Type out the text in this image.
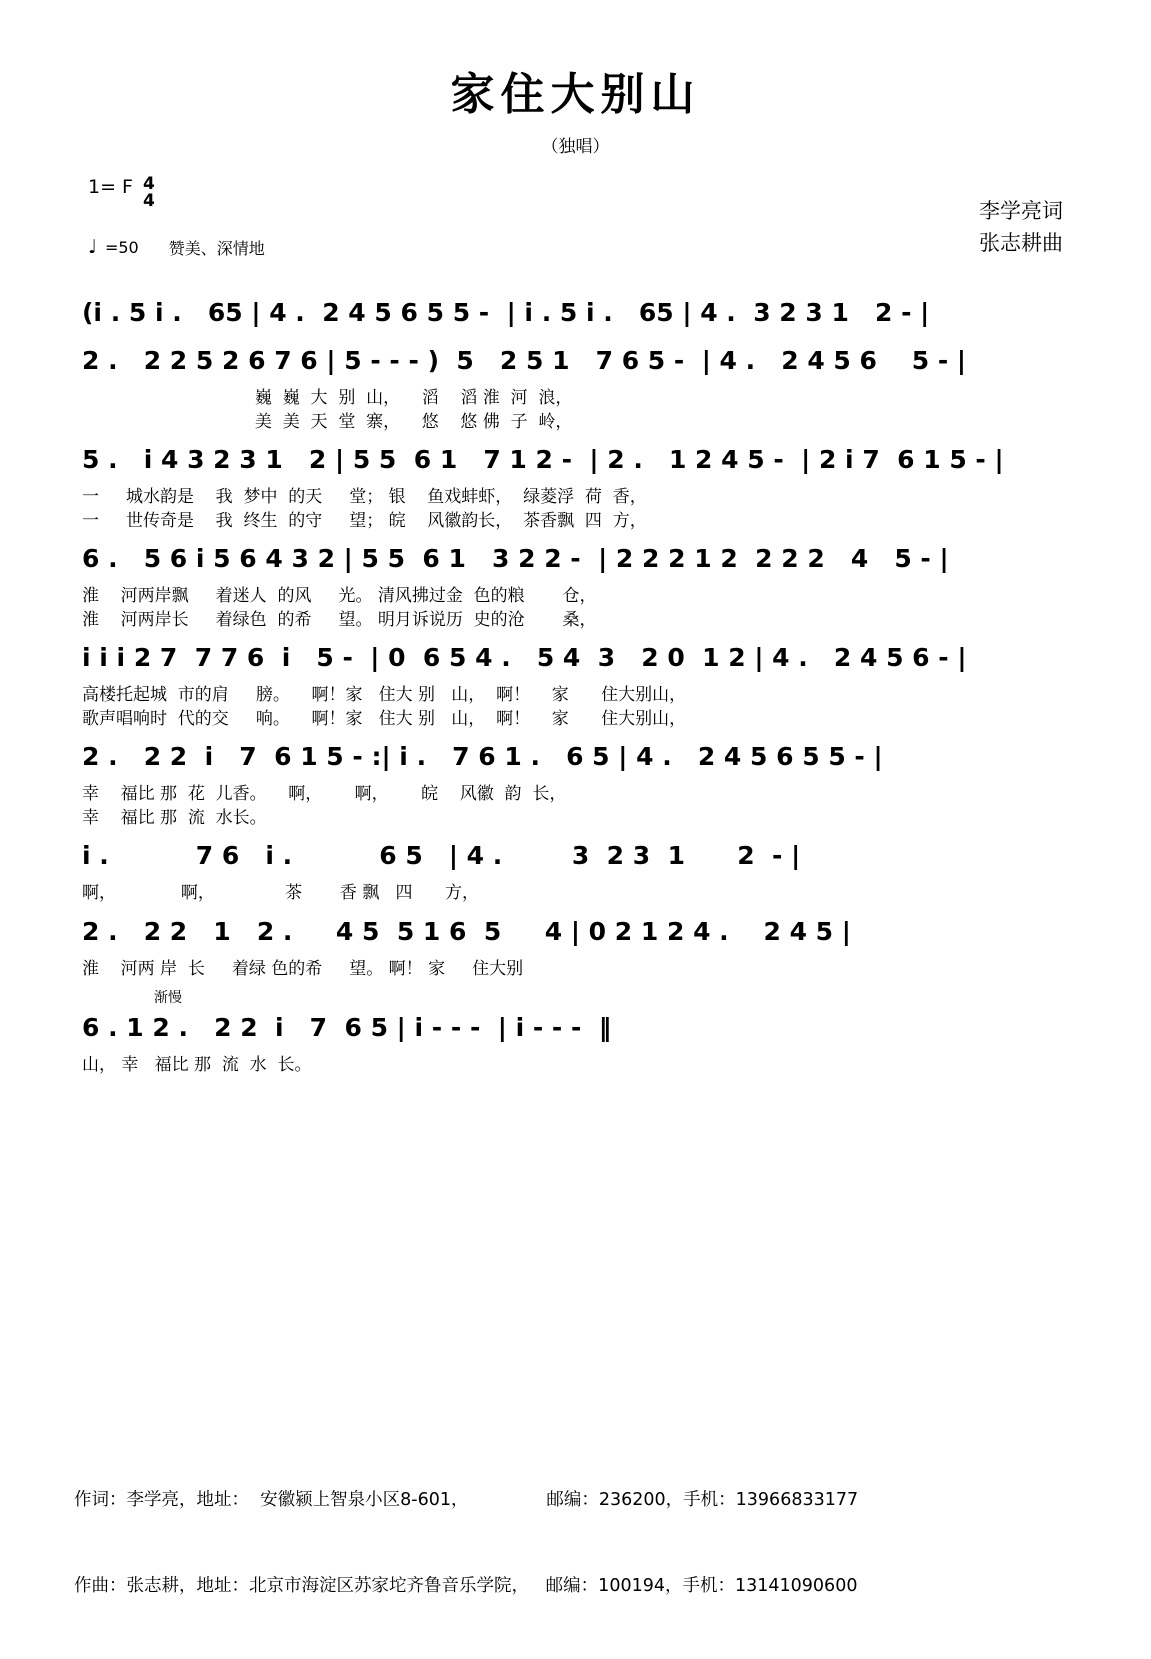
家住大别山
（独唱）
1= F 4
4
♩ =50 赞美、深情地
李学亮词
张志耕曲
(i . 5 i .   65 | 4 .  2 4 5 6 5 5 -  | i . 5 i .   65 | 4 .  3 2 3 1   2 - |
2 .   2 2 5 2 6 7 6 | 5 - - - )  5   2 5 1   7 6 5 -  | 4 .   2 4 5 6    5 - |
巍  巍  大  别  山，    滔    滔 淮  河  浪，
美  美  天  堂  寨，    悠    悠 佛  子  岭，
5 .   i 4 3 2 3 1   2 | 5 5  6 1   7 1 2 -  | 2 .   1 2 4 5 -  | 2 i 7  6 1 5 - |
一     城水韵是    我  梦中  的天     堂； 银    鱼戏蚌虾，  绿菱浮  荷  香，
一     世传奇是    我  终生  的守     望； 皖    风徽韵长，  茶香飘  四  方，
6 .   5 6 i 5 6 4 3 2 | 5 5  6 1   3 2 2 -  | 2 2 2 1 2  2 2 2   4   5 - |
淮    河两岸飘     着迷人  的风     光。 清风拂过金  色的粮       仓，
淮    河两岸长     着绿色  的希     望。 明月诉说历  史的沧       桑，
i i i 2 7  7 7 6  i   5 -  | 0  6 5 4 .   5 4  3   2 0  1 2 | 4 .   2 4 5 6 - |
高楼托起城  市的肩     膀。    啊！家   住大 别   山，  啊！    家      住大别山，
歌声唱响时  代的交     响。    啊！家   住大 别   山，  啊！    家      住大别山，
2 .   2 2  i   7  6 1 5 - :| i .   7 6 1 .   6 5 | 4 .   2 4 5 6 5 5 - |
幸    福比 那  花  儿香。    啊，      啊，      皖    风徽  韵  长，
幸    福比 那  流  水长。
i .          7 6   i .          6 5   | 4 .        3  2 3  1      2  - |
啊，            啊，             茶       香 飘   四      方，
2 .   2 2   1   2 .     4 5  5 1 6  5     4 | 0 2 1 2 4 .    2 4 5 |
淮    河两 岸  长     着绿 色的希     望。 啊！ 家     住大别
渐慢
6 . 1 2 .   2 2  i   7  6 5 | i - - -  | i - - -  ‖
山， 幸   福比 那  流  水  长。

作词：李学亮，地址：  安徽颍上智泉小区8-601，              邮编：236200，手机：13966833177

作曲：张志耕，地址：北京市海淀区苏家坨齐鲁音乐学院，   邮编：100194，手机：13141090600
